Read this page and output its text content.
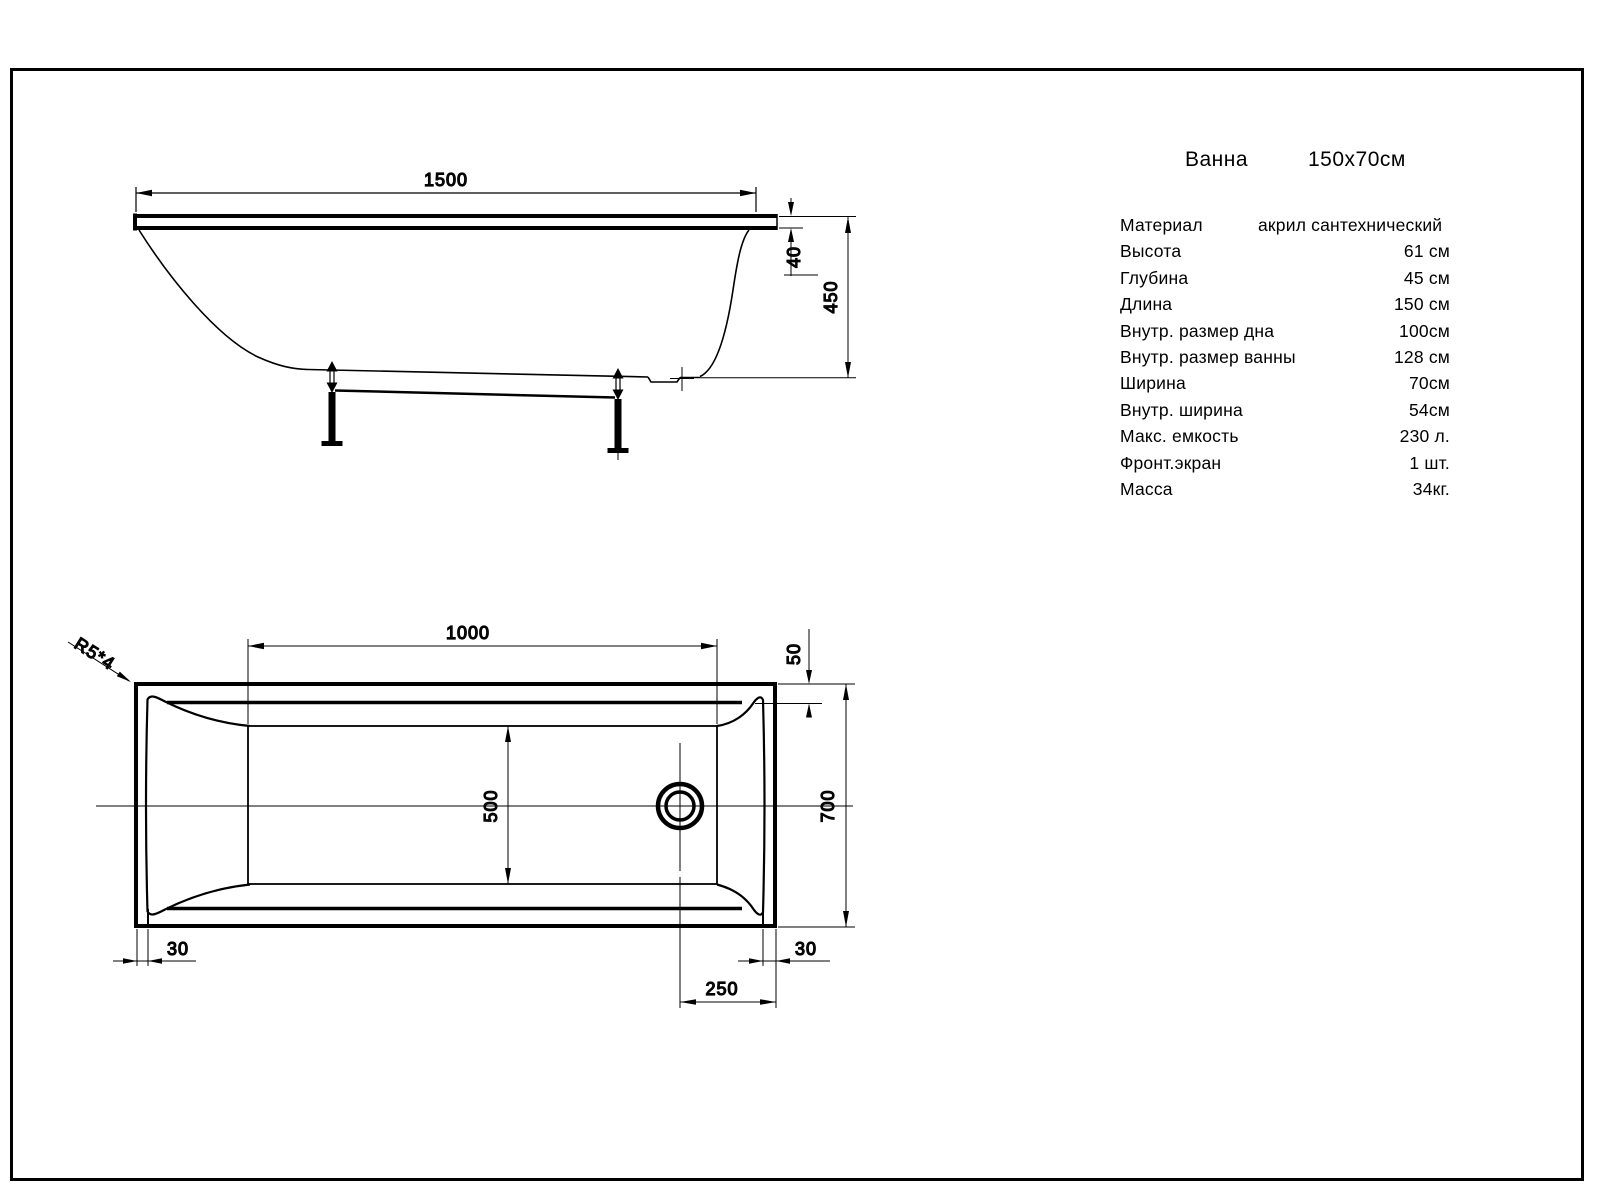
1500
40
450
1000
50
700
500
30	30
250
R5*4
Ванна	150x70см
Материал	акрил сантехнический
Высота	61 см
Глубина	45 см
Длина	150 см
Внутр. размер дна	100см
Внутр. размер ванны	128 см
Ширина	70см
Внутр. ширина	54см
Макс. емкость	230 л.
Фронт.экран	1 шт.
Масса	34кг.
